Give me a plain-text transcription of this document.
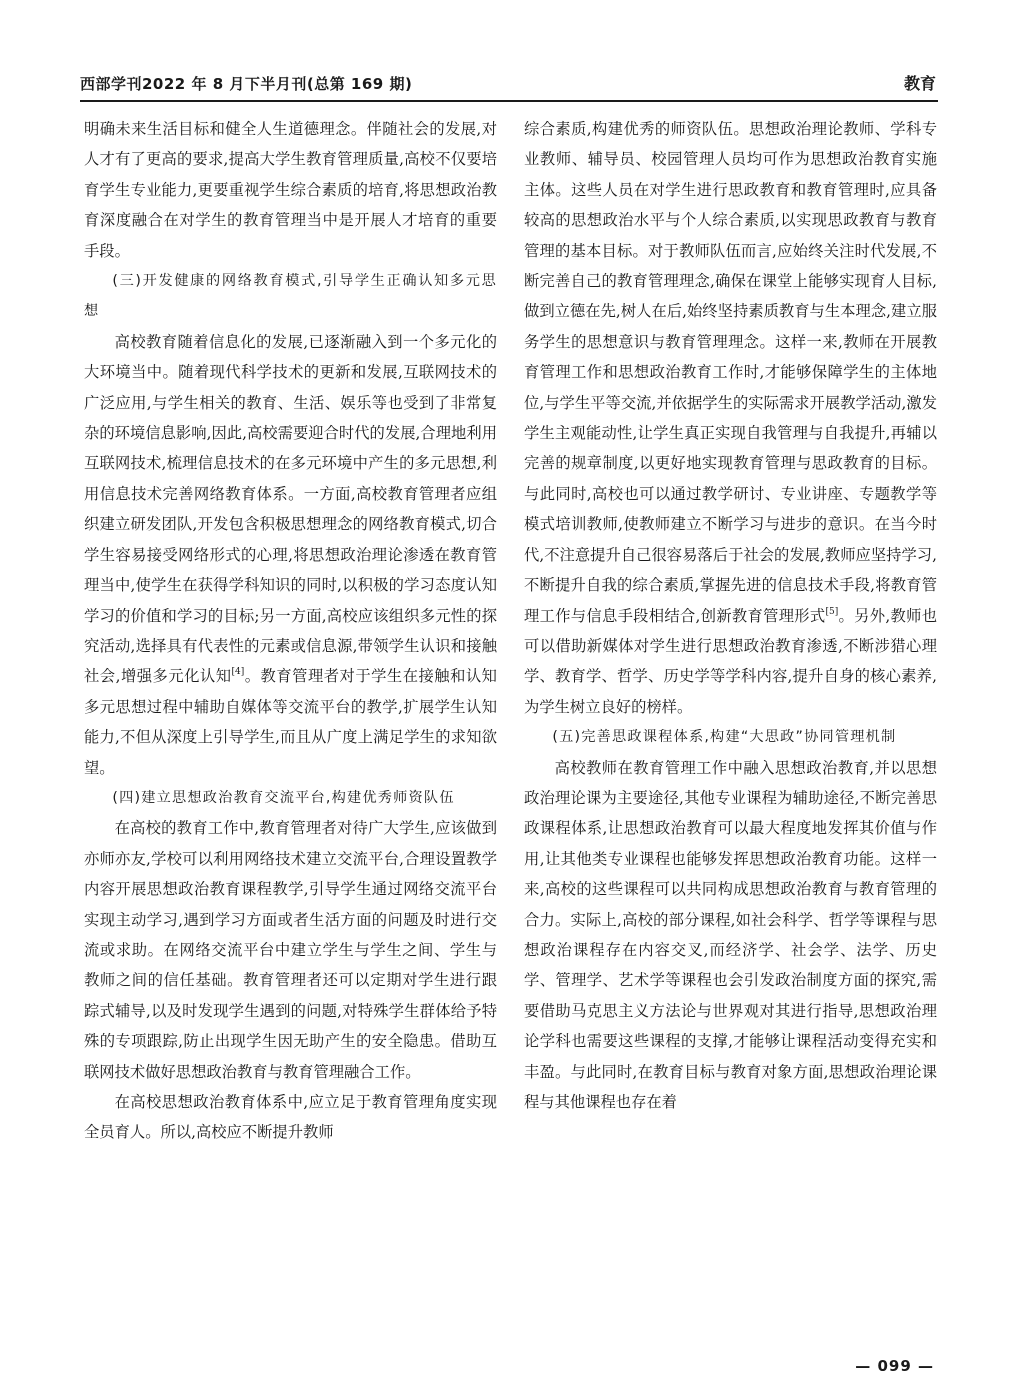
西部学刊2022 年 8 月下半月刊(总第 169 期)	教育

明确未来生活目标和健全人生道德理念。伴随社会的发展,对人才有了更高的要求,提高大学生教育管理质量,高校不仅要培育学生专业能力,更要重视学生综合素质的培育,将思想政治教育深度融合在对学生的教育管理当中是开展人才培育的重要手段。

(三)开发健康的网络教育模式,引导学生正确认知多元思想

高校教育随着信息化的发展,已逐渐融入到一个多元化的大环境当中。随着现代科学技术的更新和发展,互联网技术的广泛应用,与学生相关的教育、生活、娱乐等也受到了非常复杂的环境信息影响,因此,高校需要迎合时代的发展,合理地利用互联网技术,梳理信息技术的在多元环境中产生的多元思想,利用信息技术完善网络教育体系。一方面,高校教育管理者应组织建立研发团队,开发包含积极思想理念的网络教育模式,切合学生容易接受网络形式的心理,将思想政治理论渗透在教育管理当中,使学生在获得学科知识的同时,以积极的学习态度认知学习的价值和学习的目标;另一方面,高校应该组织多元性的探究活动,选择具有代表性的元素或信息源,带领学生认识和接触社会,增强多元化认知[4]。教育管理者对于学生在接触和认知多元思想过程中辅助自媒体等交流平台的教学,扩展学生认知能力,不但从深度上引导学生,而且从广度上满足学生的求知欲望。

(四)建立思想政治教育交流平台,构建优秀师资队伍

在高校的教育工作中,教育管理者对待广大学生,应该做到亦师亦友,学校可以利用网络技术建立交流平台,合理设置教学内容开展思想政治教育课程教学,引导学生通过网络交流平台实现主动学习,遇到学习方面或者生活方面的问题及时进行交流或求助。在网络交流平台中建立学生与学生之间、学生与教师之间的信任基础。教育管理者还可以定期对学生进行跟踪式辅导,以及时发现学生遇到的问题,对特殊学生群体给予特殊的专项跟踪,防止出现学生因无助产生的安全隐患。借助互联网技术做好思想政治教育与教育管理融合工作。

在高校思想政治教育体系中,应立足于教育管理角度实现全员育人。所以,高校应不断提升教师

综合素质,构建优秀的师资队伍。思想政治理论教师、学科专业教师、辅导员、校园管理人员均可作为思想政治教育实施主体。这些人员在对学生进行思政教育和教育管理时,应具备较高的思想政治水平与个人综合素质,以实现思政教育与教育管理的基本目标。对于教师队伍而言,应始终关注时代发展,不断完善自己的教育管理理念,确保在课堂上能够实现育人目标,做到立德在先,树人在后,始终坚持素质教育与生本理念,建立服务学生的思想意识与教育管理理念。这样一来,教师在开展教育管理工作和思想政治教育工作时,才能够保障学生的主体地位,与学生平等交流,并依据学生的实际需求开展教学活动,激发学生主观能动性,让学生真正实现自我管理与自我提升,再辅以完善的规章制度,以更好地实现教育管理与思政教育的目标。与此同时,高校也可以通过教学研讨、专业讲座、专题教学等模式培训教师,使教师建立不断学习与进步的意识。在当今时代,不注意提升自己很容易落后于社会的发展,教师应坚持学习,不断提升自我的综合素质,掌握先进的信息技术手段,将教育管理工作与信息手段相结合,创新教育管理形式[5]。另外,教师也可以借助新媒体对学生进行思想政治教育渗透,不断涉猎心理学、教育学、哲学、历史学等学科内容,提升自身的核心素养,为学生树立良好的榜样。

(五)完善思政课程体系,构建“大思政”协同管理机制

高校教师在教育管理工作中融入思想政治教育,并以思想政治理论课为主要途径,其他专业课程为辅助途径,不断完善思政课程体系,让思想政治教育可以最大程度地发挥其价值与作用,让其他类专业课程也能够发挥思想政治教育功能。这样一来,高校的这些课程可以共同构成思想政治教育与教育管理的合力。实际上,高校的部分课程,如社会科学、哲学等课程与思想政治课程存在内容交叉,而经济学、社会学、法学、历史学、管理学、艺术学等课程也会引发政治制度方面的探究,需要借助马克思主义方法论与世界观对其进行指导,思想政治理论学科也需要这些课程的支撑,才能够让课程活动变得充实和丰盈。与此同时,在教育目标与教育对象方面,思想政治理论课程与其他课程也存在着

— 099 —
